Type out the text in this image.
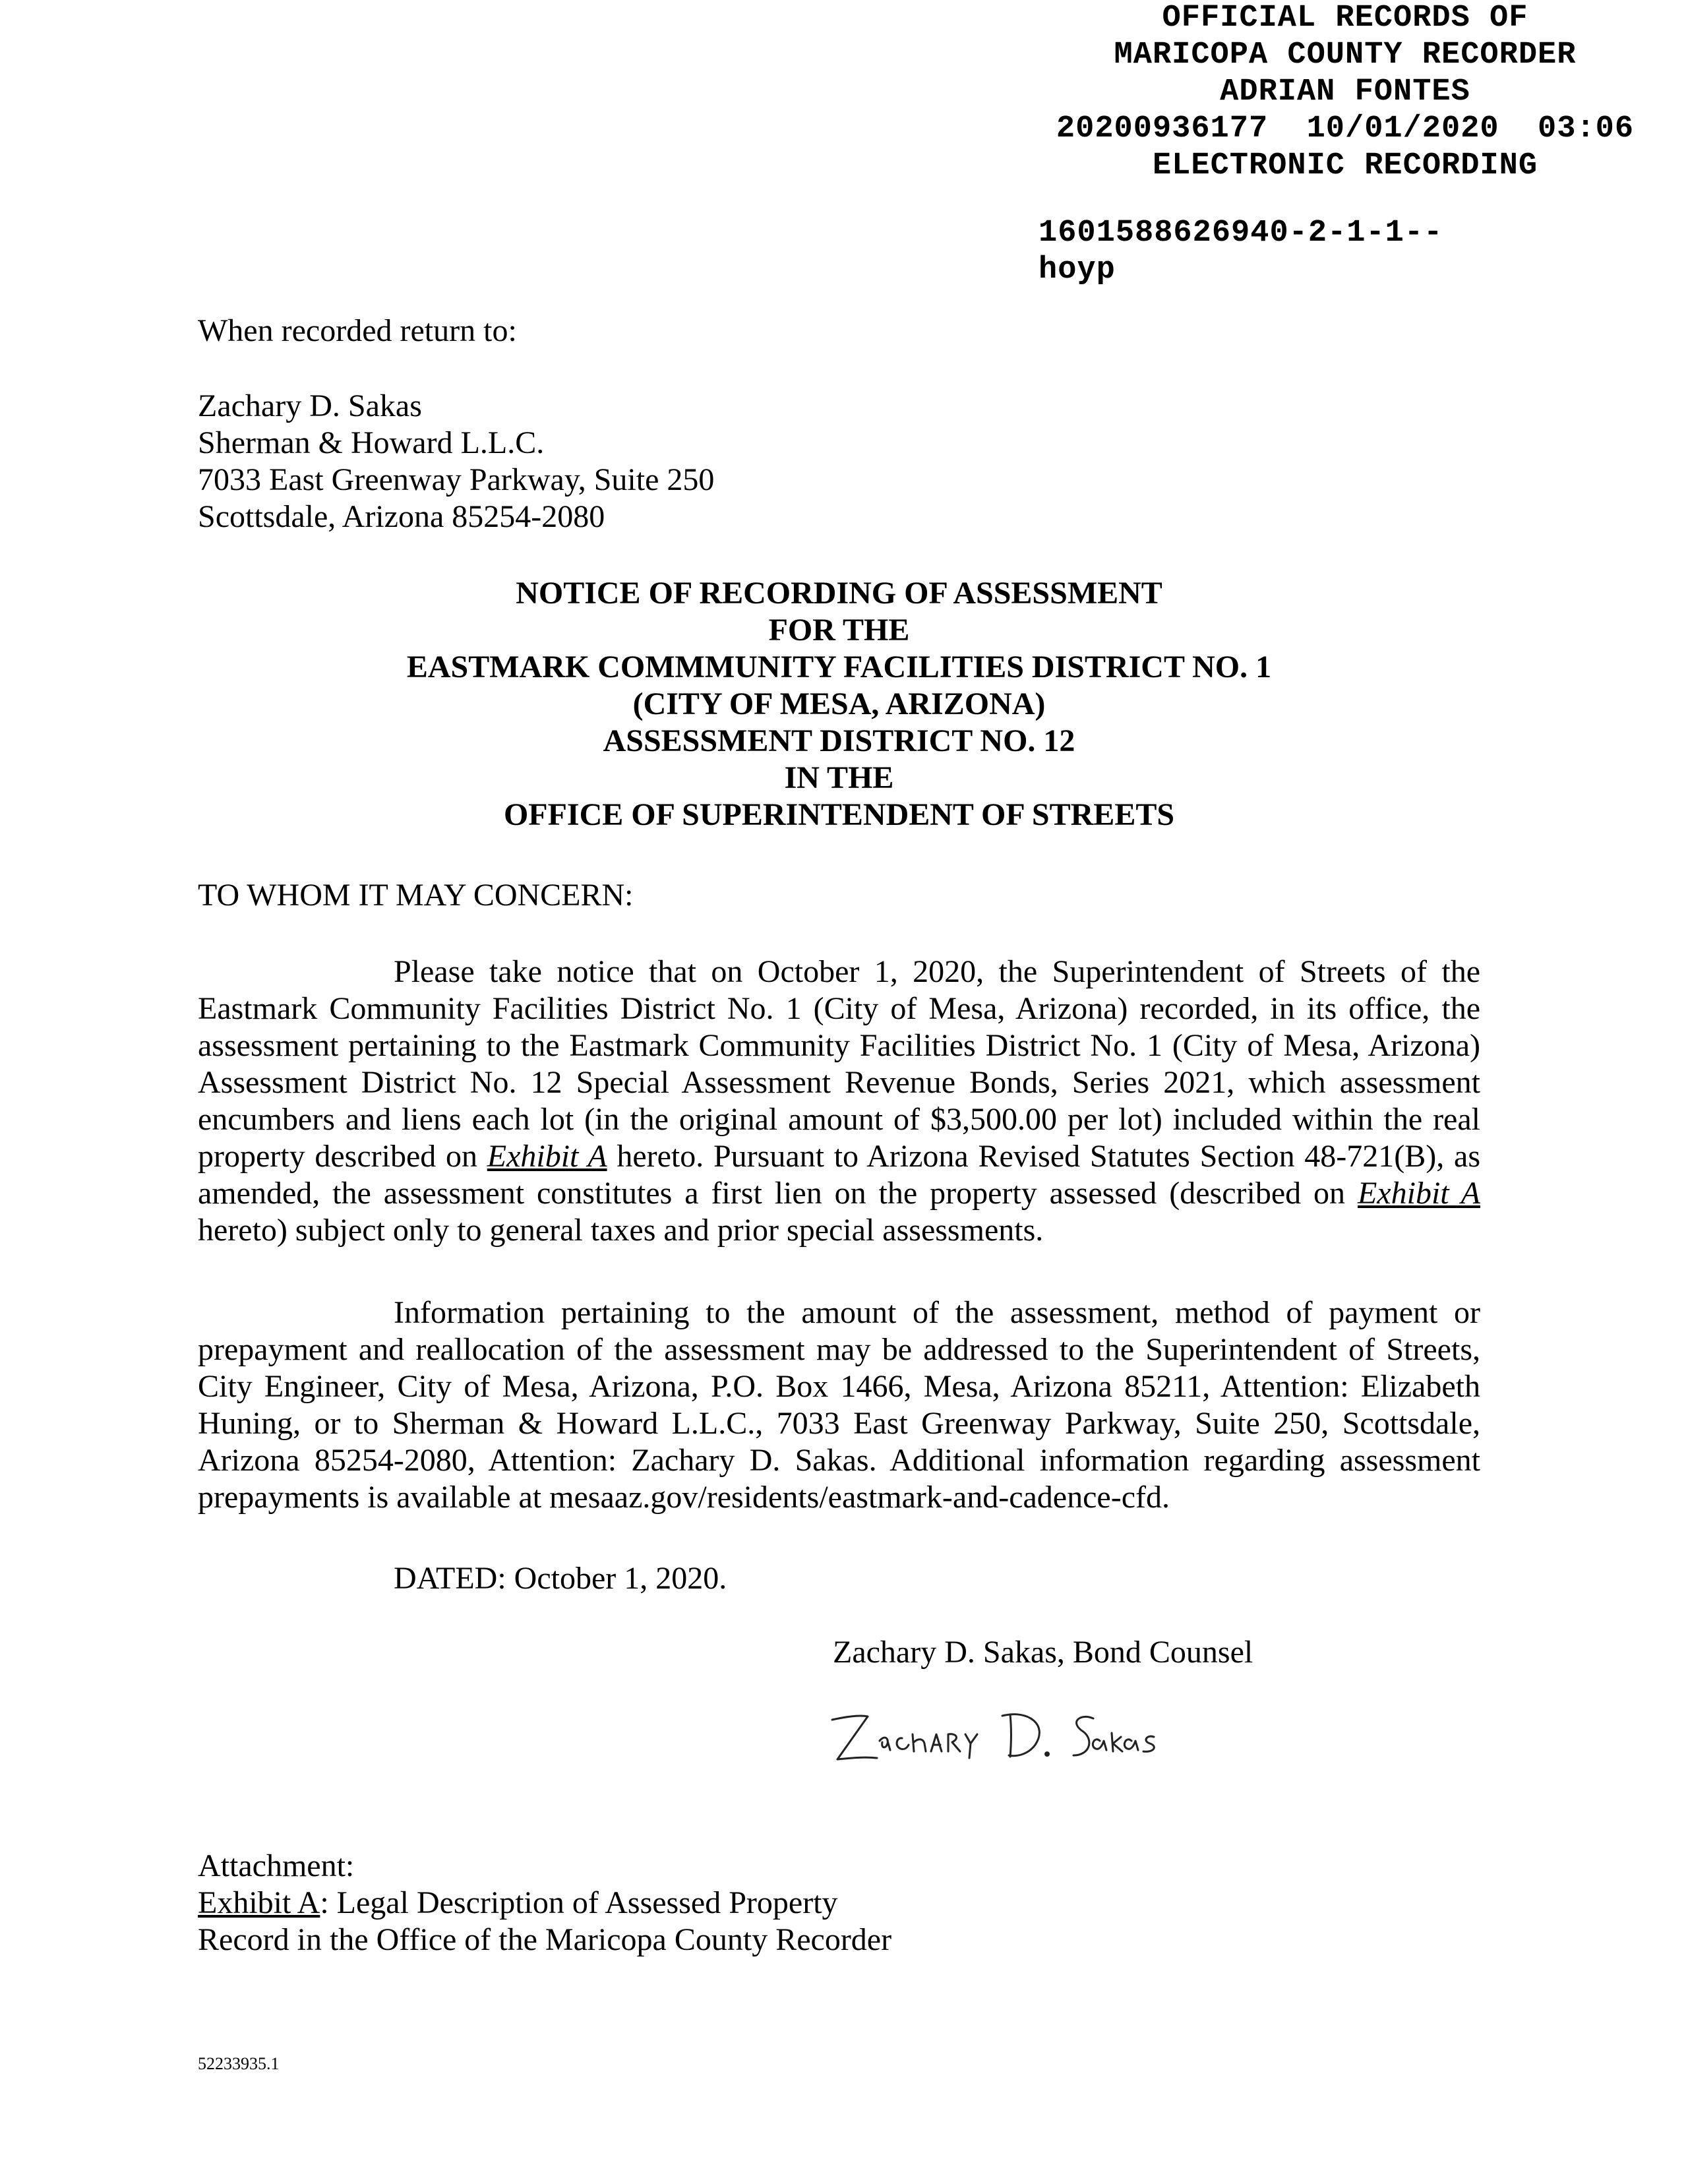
OFFICIAL RECORDS OF
MARICOPA COUNTY RECORDER
ADRIAN FONTES
20200936177  10/01/2020  03:06
ELECTRONIC RECORDING
1601588626940-2-1-1--
hoyp
When recorded return to:
Zachary D. Sakas
Sherman & Howard L.L.C.
7033 East Greenway Parkway, Suite 250
Scottsdale, Arizona 85254-2080
NOTICE OF RECORDING OF ASSESSMENT
FOR THE
EASTMARK COMMMUNITY FACILITIES DISTRICT NO. 1
(CITY OF MESA, ARIZONA)
ASSESSMENT DISTRICT NO. 12
IN THE
OFFICE OF SUPERINTENDENT OF STREETS
TO WHOM IT MAY CONCERN:

Please take notice that on October 1, 2020, the Superintendent of Streets of the Eastmark Community Facilities District No. 1 (City of Mesa, Arizona) recorded, in its office, the assessment pertaining to the Eastmark Community Facilities District No. 1 (City of Mesa, Arizona) Assessment District No. 12 Special Assessment Revenue Bonds, Series 2021, which assessment encumbers and liens each lot (in the original amount of $3,500.00 per lot) included within the real property described on Exhibit A hereto. Pursuant to Arizona Revised Statutes Section 48-721(B), as amended, the assessment constitutes a first lien on the property assessed (described on Exhibit A hereto) subject only to general taxes and prior special assessments.

Information pertaining to the amount of the assessment, method of payment or prepayment and reallocation of the assessment may be addressed to the Superintendent of Streets, City Engineer, City of Mesa, Arizona, P.O. Box 1466, Mesa, Arizona 85211, Attention: Elizabeth Huning, or to Sherman & Howard L.L.C., 7033 East Greenway Parkway, Suite 250, Scottsdale, Arizona 85254-2080, Attention: Zachary D. Sakas. Additional information regarding assessment prepayments is available at mesaaz.gov/residents/eastmark-and-cadence-cfd.

DATED: October 1, 2020.
Zachary D. Sakas, Bond Counsel
Attachment:
Exhibit A: Legal Description of Assessed Property
Record in the Office of the Maricopa County Recorder
52233935.1
